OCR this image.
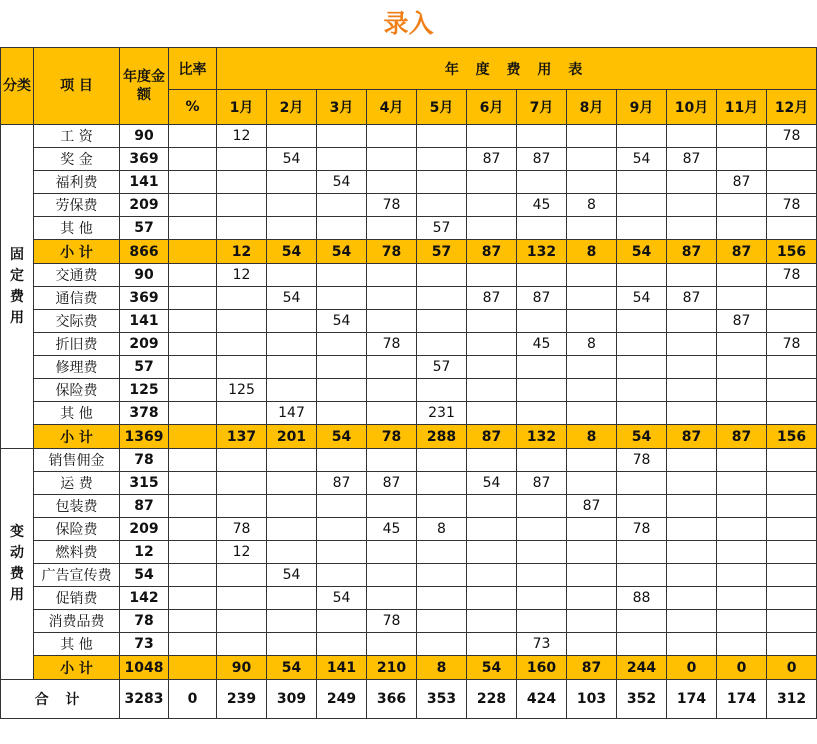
录入
分类	项 目	年度金额	比率	年 度 费 用 表											
			%	1月	2月	3月	4月	5月	6月	7月	8月	9月	10月	11月	12月
固定费用	工 资	90		12											78
	奖 金	369			54				87	87		54	87		
	福利费	141				54								87	
	劳保费	209					78			45	8				78
	其 他	57						57							
	小 计	866		12	54	54	78	57	87	132	8	54	87	87	156
	交通费	90		12											78
	通信费	369			54				87	87		54	87		
	交际费	141				54								87	
	折旧费	209					78			45	8				78
	修理费	57						57							
	保险费	125		125											
	其 他	378			147			231							
	小 计	1369		137	201	54	78	288	87	132	8	54	87	87	156
变动费用	销售佣金	78										78			
	运 费	315				87	87		54	87					
	包装费	87									87				
	保险费	209		78			45	8				78			
	燃料费	12		12											
	广告宣传费	54			54										
	促销费	142				54						88			
	消费品费	78					78								
	其 他	73								73					
	小 计	1048		90	54	141	210	8	54	160	87	244	0	0	0
合 计		3283	0	239	309	249	366	353	228	424	103	352	174	174	312
